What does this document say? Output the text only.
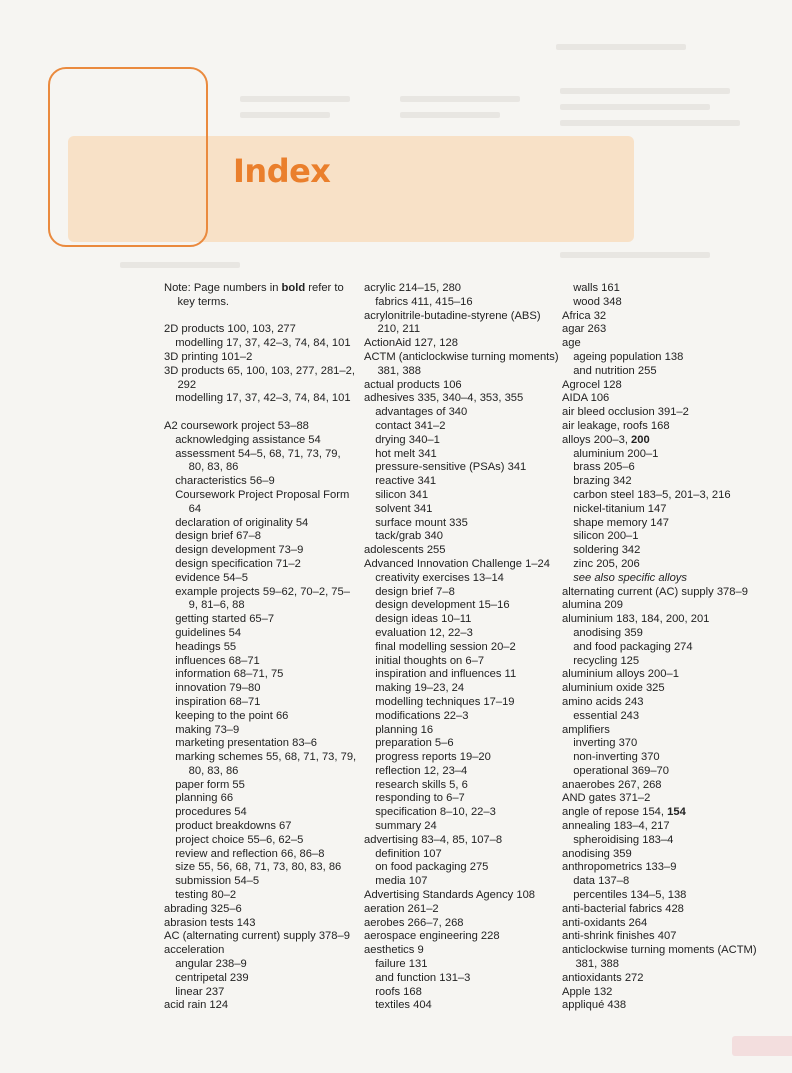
Index
Note: Page numbers in bold refer to key terms.
2D products 100, 103, 277
modelling 17, 37, 42–3, 74, 84, 101
3D printing 101–2
3D products 65, 100, 103, 277, 281–2, 292
modelling 17, 37, 42–3, 74, 84, 101
A2 coursework project 53–88
acknowledging assistance 54
assessment 54–5, 68, 71, 73, 79, 80, 83, 86
characteristics 56–9
Coursework Project Proposal Form 64
declaration of originality 54
design brief 67–8
design development 73–9
design specification 71–2
evidence 54–5
example projects 59–62, 70–2, 75–9, 81–6, 88
getting started 65–7
guidelines 54
headings 55
influences 68–71
information 68–71, 75
innovation 79–80
inspiration 68–71
keeping to the point 66
making 73–9
marketing presentation 83–6
marking schemes 55, 68, 71, 73, 79, 80, 83, 86
paper form 55
planning 66
procedures 54
product breakdowns 67
project choice 55–6, 62–5
review and reflection 66, 86–8
size 55, 56, 68, 71, 73, 80, 83, 86
submission 54–5
testing 80–2
abrading 325–6
abrasion tests 143
AC (alternating current) supply 378–9
acceleration
angular 238–9
centripetal 239
linear 237
acid rain 124
acrylic 214–15, 280
fabrics 411, 415–16
acrylonitrile-butadine-styrene (ABS) 210, 211
ActionAid 127, 128
ACTM (anticlockwise turning moments) 381, 388
actual products 106
adhesives 335, 340–4, 353, 355
advantages of 340
contact 341–2
drying 340–1
hot melt 341
pressure-sensitive (PSAs) 341
reactive 341
silicon 341
solvent 341
surface mount 335
tack/grab 340
adolescents 255
Advanced Innovation Challenge 1–24
creativity exercises 13–14
design brief 7–8
design development 15–16
design ideas 10–11
evaluation 12, 22–3
final modelling session 20–2
initial thoughts on 6–7
inspiration and influences 11
making 19–23, 24
modelling techniques 17–19
modifications 22–3
planning 16
preparation 5–6
progress reports 19–20
reflection 12, 23–4
research skills 5, 6
responding to 6–7
specification 8–10, 22–3
summary 24
advertising 83–4, 85, 107–8
definition 107
on food packaging 275
media 107
Advertising Standards Agency 108
aeration 261–2
aerobes 266–7, 268
aerospace engineering 228
aesthetics 9
failure 131
and function 131–3
roofs 168
textiles 404
walls 161
wood 348
Africa 32
agar 263
age
ageing population 138
and nutrition 255
Agrocel 128
AIDA 106
air bleed occlusion 391–2
air leakage, roofs 168
alloys 200–3, 200
aluminium 200–1
brass 205–6
brazing 342
carbon steel 183–5, 201–3, 216
nickel-titanium 147
shape memory 147
silicon 200–1
soldering 342
zinc 205, 206
see also specific alloys
alternating current (AC) supply 378–9
alumina 209
aluminium 183, 184, 200, 201
anodising 359
and food packaging 274
recycling 125
aluminium alloys 200–1
aluminium oxide 325
amino acids 243
essential 243
amplifiers
inverting 370
non-inverting 370
operational 369–70
anaerobes 267, 268
AND gates 371–2
angle of repose 154, 154
annealing 183–4, 217
spheroidising 183–4
anodising 359
anthropometrics 133–9
data 137–8
percentiles 134–5, 138
anti-bacterial fabrics 428
anti-oxidants 264
anti-shrink finishes 407
anticlockwise turning moments (ACTM) 381, 388
antioxidants 272
Apple 132
appliqué 438
